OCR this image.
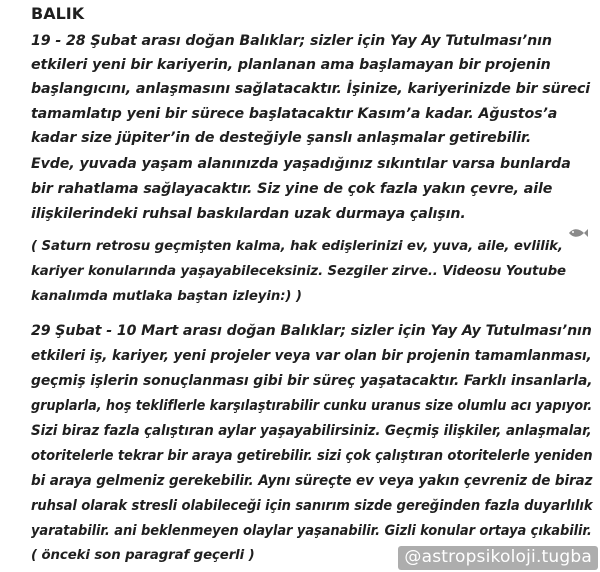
BALIK
19 - 28 Şubat arası doğan Balıklar; sizler için Yay Ay Tutulması’nın
etkileri yeni bir kariyerin, planlanan ama başlamayan bir projenin
başlangıcını, anlaşmasını sağlatacaktır. İşinize, kariyerinizde bir süreci
tamamlatıp yeni bir sürece başlatacaktır Kasım’a kadar. Ağustos’a
kadar size jüpiter’in de desteğiyle şanslı anlaşmalar getirebilir.
Evde, yuvada yaşam alanınızda yaşadığınız sıkıntılar varsa bunlarda
bir rahatlama sağlayacaktır. Siz yine de çok fazla yakın çevre, aile
ilişkilerindeki ruhsal baskılardan uzak durmaya çalışın.
( Saturn retrosu geçmişten kalma, hak edişlerinizi ev, yuva, aile, evlilik,
kariyer konularında yaşayabileceksiniz. Sezgiler zirve.. Videosu Youtube
kanalımda mutlaka baştan izleyin:) )
29 Şubat - 10 Mart arası doğan Balıklar; sizler için Yay Ay Tutulması’nın
etkileri iş, kariyer, yeni projeler veya var olan bir projenin tamamlanması,
geçmiş işlerin sonuçlanması gibi bir süreç yaşatacaktır. Farklı insanlarla,
gruplarla, hoş tekliflerle karşılaştırabilir cunku uranus size olumlu acı yapıyor.
Sizi biraz fazla çalıştıran aylar yaşayabilirsiniz. Geçmiş ilişkiler, anlaşmalar,
otoritelerle tekrar bir araya getirebilir. sizi çok çalıştıran otoritelerle yeniden
bi araya gelmeniz gerekebilir. Aynı süreçte ev veya yakın çevreniz de biraz
ruhsal olarak stresli olabileceği için sanırım sizde gereğinden fazla duyarlılık
yaratabilir. ani beklenmeyen olaylar yaşanabilir. Gizli konular ortaya çıkabilir.
( önceki son paragraf geçerli )	@astropsikoloji.tugba
